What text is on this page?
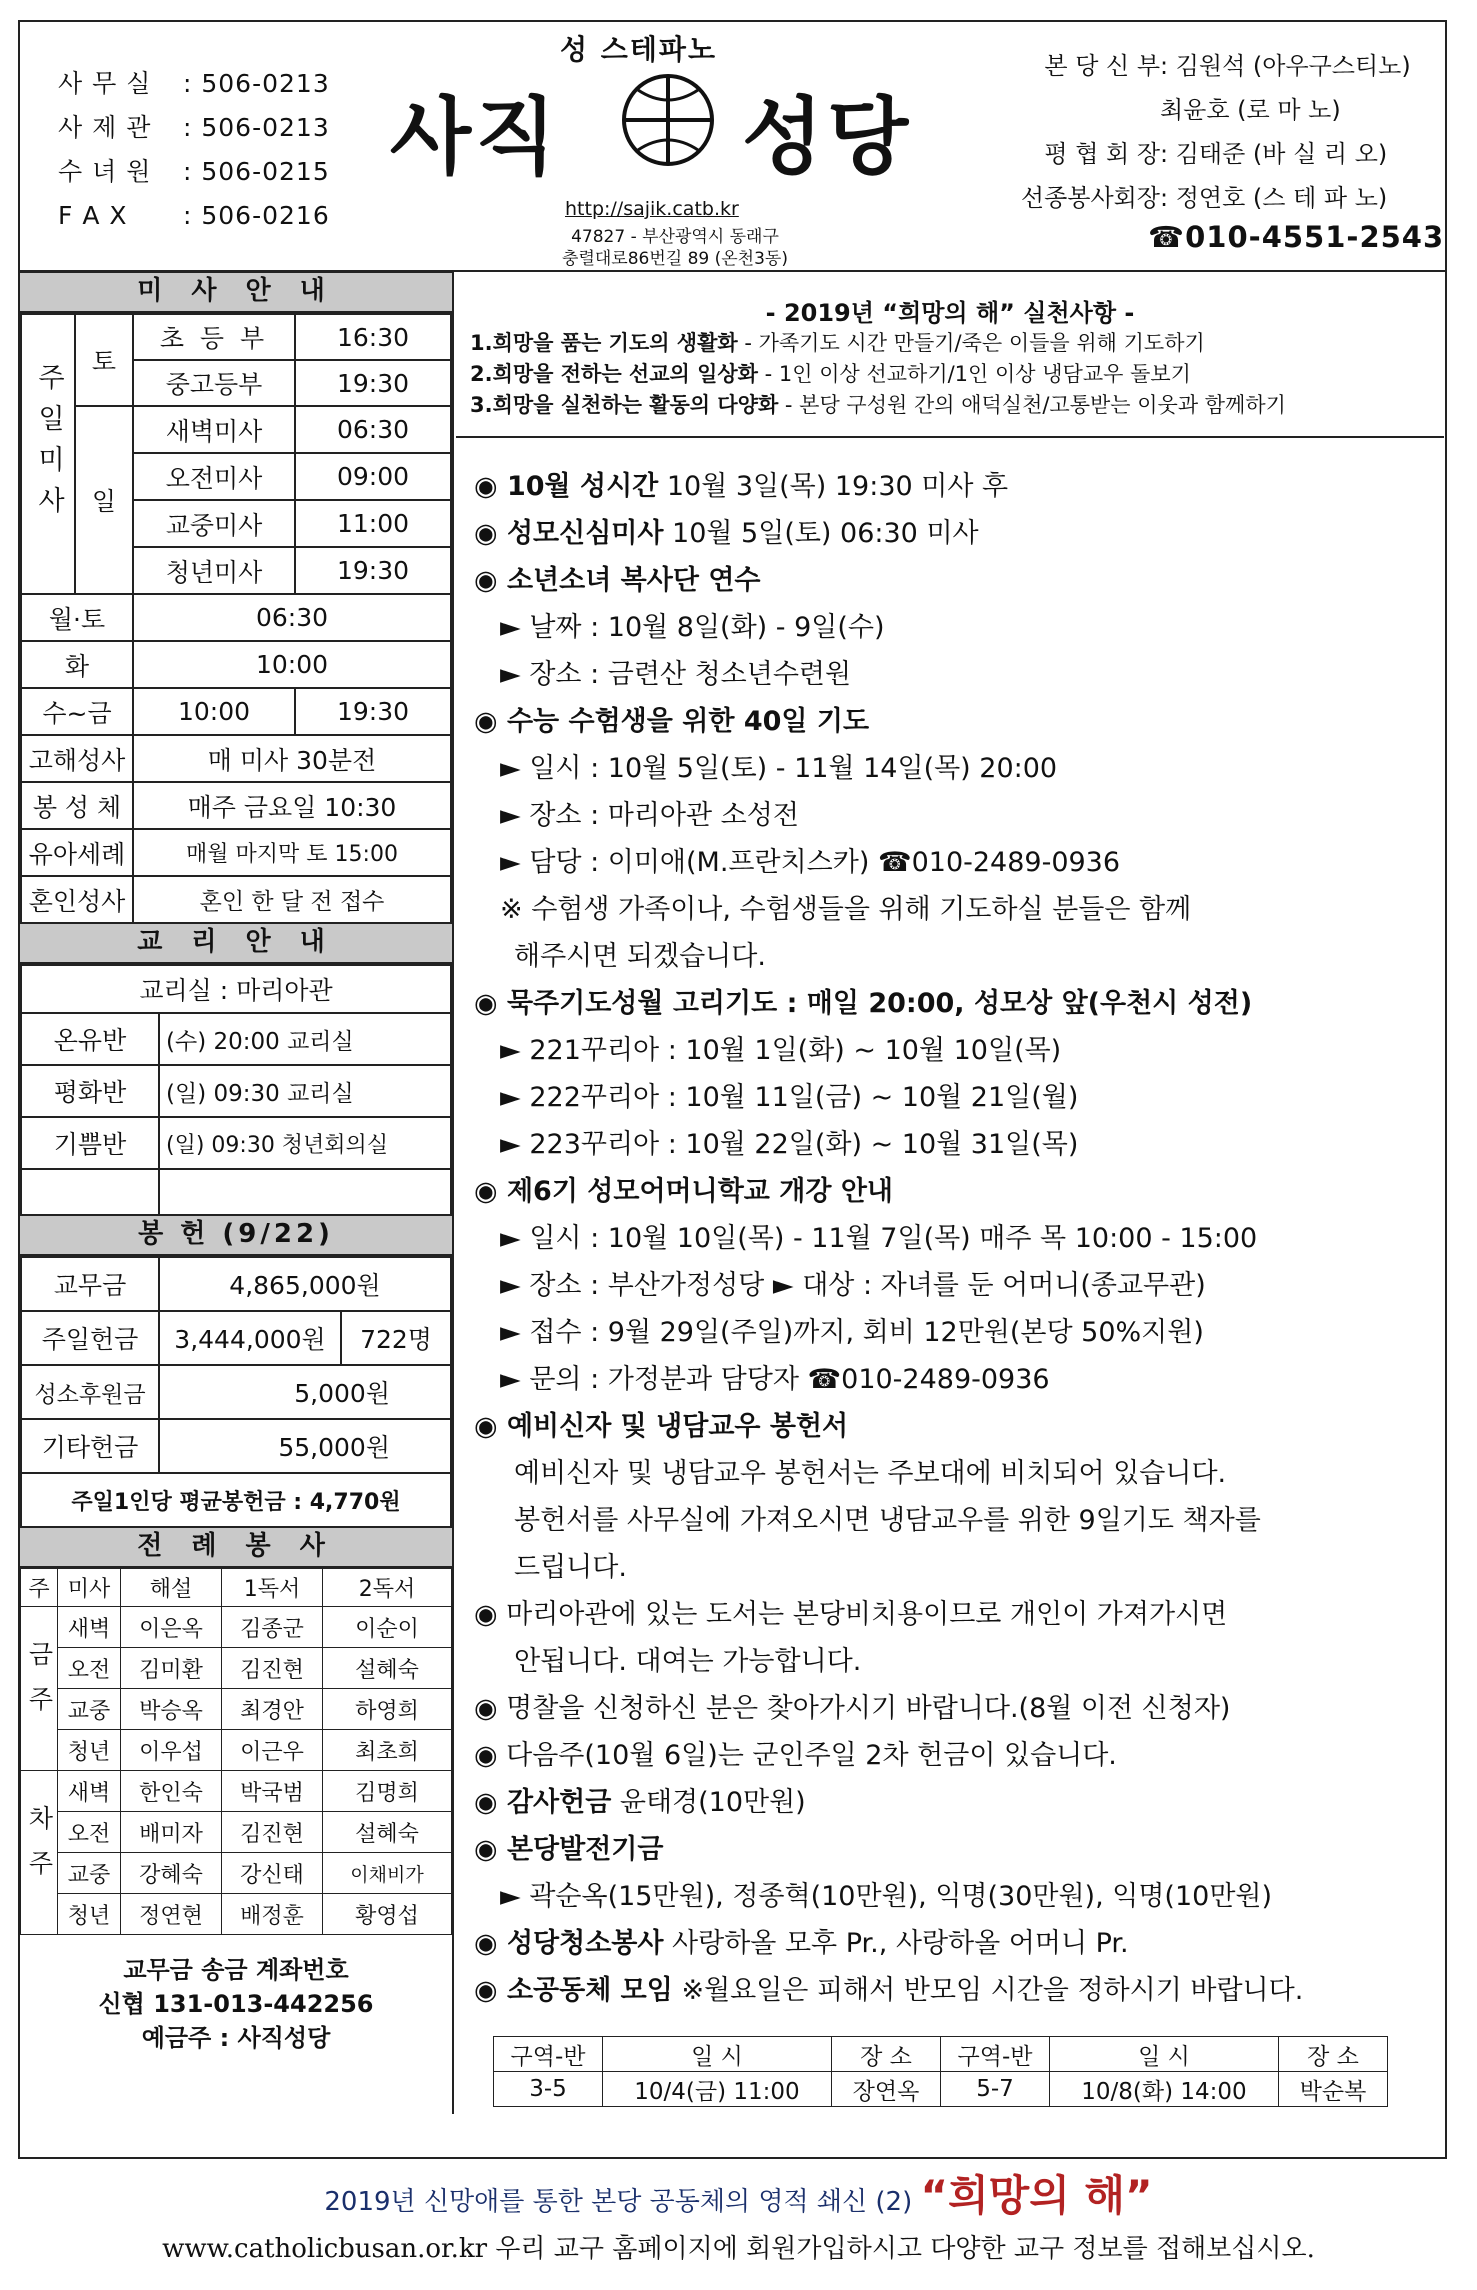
사 무 실 : 506-0213
사 제 관 : 506-0213
수 녀 원 : 506-0215
F A X : 506-0216
성 스테파노
사직 성당
http://sajik.catb.kr
47827 - 부산광역시 동래구
충렬대로86번길 89 (온천3동)
본 당 신 부: 김원석 (아우구스티노)
최윤호 (로 마 노)
평 협 회 장: 김태준 (바 실 리 오)
선종봉사회장: 정연호 (스 테 파 노)
☎010-4551-2543
미 사 안 내
주일미사	토	초 등 부	16:30
		중고등부	19:30
	일	새벽미사	06:30
		오전미사	09:00
		교중미사	11:00
		청년미사	19:30
월·토		06:30	
화		10:00	
수~금		10:00	19:30
고해성사		매 미사 30분전	
봉 성 체		매주 금요일 10:30	
유아세례		매월 마지막 토 15:00	
혼인성사		혼인 한 달 전 접수	
교 리 안 내
교리실 : 마리아관	
온유반	(수) 20:00 교리실
평화반	(일) 09:30 교리실
기쁨반	(일) 09:30 청년회의실

봉 헌 (9/22)
교무금	4,865,000원	
주일헌금	3,444,000원	722명
성소후원금	5,000원	
기타헌금	55,000원	
주일1인당 평균봉헌금 : 4,770원		
전 례 봉 사
주	미사	해설	1독서	2독서
금주	새벽	이은옥	김종군	이순이
	오전	김미환	김진현	설혜숙
	교중	박승옥	최경안	하영희
	청년	이우섭	이근우	최초희
차주	새벽	한인숙	박국범	김명희
	오전	배미자	김진현	설혜숙
	교중	강혜숙	강신태	이채비가
	청년	정연현	배정훈	황영섭
교무금 송금 계좌번호
신협 131-013-442256
예금주 : 사직성당
- 2019년 “희망의 해” 실천사항 -
1.희망을 품는 기도의 생활화 - 가족기도 시간 만들기/죽은 이들을 위해 기도하기
2.희망을 전하는 선교의 일상화 - 1인 이상 선교하기/1인 이상 냉담교우 돌보기
3.희망을 실천하는 활동의 다양화 - 본당 구성원 간의 애덕실천/고통받는 이웃과 함께하기
◉ 10월 성시간 10월 3일(목) 19:30 미사 후
◉ 성모신심미사 10월 5일(토) 06:30 미사
◉ 소년소녀 복사단 연수
► 날짜 : 10월 8일(화) - 9일(수)
► 장소 : 금련산 청소년수련원
◉ 수능 수험생을 위한 40일 기도
► 일시 : 10월 5일(토) - 11월 14일(목) 20:00
► 장소 : 마리아관 소성전
► 담당 : 이미애(M.프란치스카) ☎010-2489-0936
※ 수험생 가족이나, 수험생들을 위해 기도하실 분들은 함께
해주시면 되겠습니다.
◉ 묵주기도성월 고리기도 : 매일 20:00, 성모상 앞(우천시 성전)
► 221꾸리아 : 10월 1일(화) ~ 10월 10일(목)
► 222꾸리아 : 10월 11일(금) ~ 10월 21일(월)
► 223꾸리아 : 10월 22일(화) ~ 10월 31일(목)
◉ 제6기 성모어머니학교 개강 안내
► 일시 : 10월 10일(목) - 11월 7일(목) 매주 목 10:00 - 15:00
► 장소 : 부산가정성당 ► 대상 : 자녀를 둔 어머니(종교무관)
► 접수 : 9월 29일(주일)까지, 회비 12만원(본당 50%지원)
► 문의 : 가정분과 담당자 ☎010-2489-0936
◉ 예비신자 및 냉담교우 봉헌서
예비신자 및 냉담교우 봉헌서는 주보대에 비치되어 있습니다.
봉헌서를 사무실에 가져오시면 냉담교우를 위한 9일기도 책자를
드립니다.
◉ 마리아관에 있는 도서는 본당비치용이므로 개인이 가져가시면
안됩니다. 대여는 가능합니다.
◉ 명찰을 신청하신 분은 찾아가시기 바랍니다.(8월 이전 신청자)
◉ 다음주(10월 6일)는 군인주일 2차 헌금이 있습니다.
◉ 감사헌금 윤태경(10만원)
◉ 본당발전기금
► 곽순옥(15만원), 정종혁(10만원), 익명(30만원), 익명(10만원)
◉ 성당청소봉사 사랑하올 모후 Pr., 사랑하올 어머니 Pr.
◉ 소공동체 모임 ※월요일은 피해서 반모임 시간을 정하시기 바랍니다.
구역-반	일 시	장 소	구역-반	일 시	장 소
3-5	10/4(금) 11:00	장연옥	5-7	10/8(화) 14:00	박순복
2019년 신망애를 통한 본당 공동체의 영적 쇄신 (2) “희망의 해”
www.catholicbusan.or.kr 우리 교구 홈페이지에 회원가입하시고 다양한 교구 정보를 접해보십시오.
